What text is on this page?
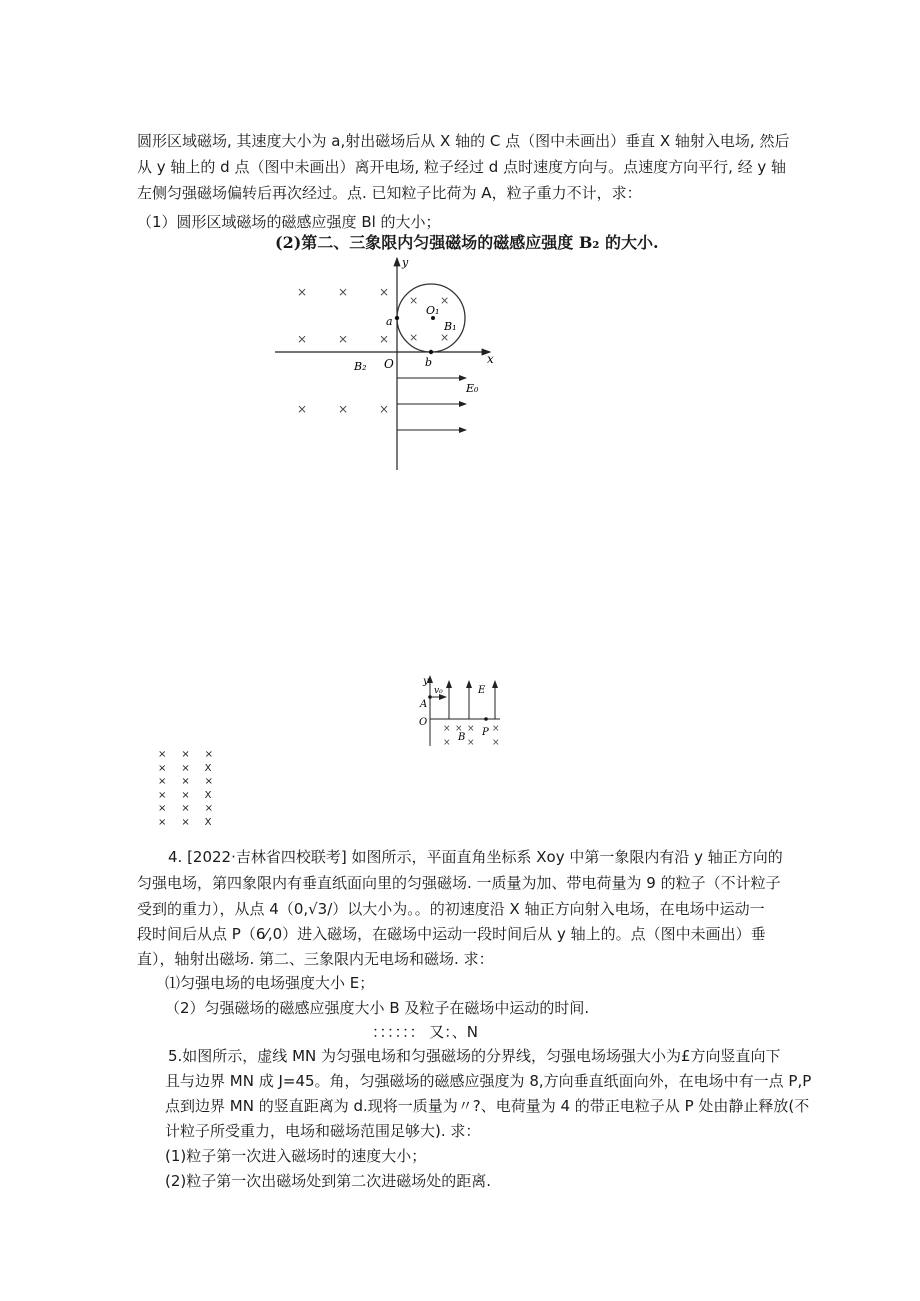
圆形区域磁场, 其速度大小为 a,射出磁场后从 X 轴的 C 点（图中未画出）垂直 X 轴射入电场, 然后
从 y 轴上的 d 点（图中未画出）离开电场, 粒子经过 d 点时速度方向与。点速度方向平行, 经 y 轴
左侧匀强磁场偏转后再次经过。点. 已知粒子比荷为 A，粒子重力不计，求：
（1）圆形区域磁场的磁感应强度 Bl 的大小；
(2)第二、三象限内匀强磁场的磁感应强度 B₂ 的大小.
y
x
O
O₁
B₁
a
b
× ×
× ×
×	×	×
×	×	×
×	×	×
B₂
E₀
y
O
A
v₀	E
P
B
× × × ×
× × ×
×	×	×
×	×	X
×	×	×
×	×	X
×	×	×
×	×	X
4. [2022·吉林省四校联考] 如图所示，平面直角坐标系 Xoy 中第一象限内有沿 y 轴正方向的
匀强电场，第四象限内有垂直纸面向里的匀强磁场. 一质量为加、带电荷量为 9 的粒子（不计粒子
受到的重力），从点 4（0,√3/）以大小为。。的初速度沿 X 轴正方向射入电场，在电场中运动一
段时间后从点 P（6⁄,0）进入磁场，在磁场中运动一段时间后从 y 轴上的。点（图中未画出）垂
直），轴射出磁场. 第二、三象限内无电场和磁场. 求：
⑴匀强电场的电场强度大小 E；
（2）匀强磁场的磁感应强度大小 B 及粒子在磁场中运动的时间.
：：：：：： 又：、N
5.如图所示，虚线 MN 为匀强电场和匀强磁场的分界线，匀强电场场强大小为£方向竖直向下
且与边界 MN 成 J=45。角，匀强磁场的磁感应强度为 8,方向垂直纸面向外，在电场中有一点 P,P
点到边界 MN 的竖直距离为 d.现将一质量为〃?、电荷量为 4 的带正电粒子从 P 处由静止释放(不
计粒子所受重力，电场和磁场范围足够大). 求：
(1)粒子第一次进入磁场时的速度大小；
(2)粒子第一次出磁场处到第二次进磁场处的距离.
